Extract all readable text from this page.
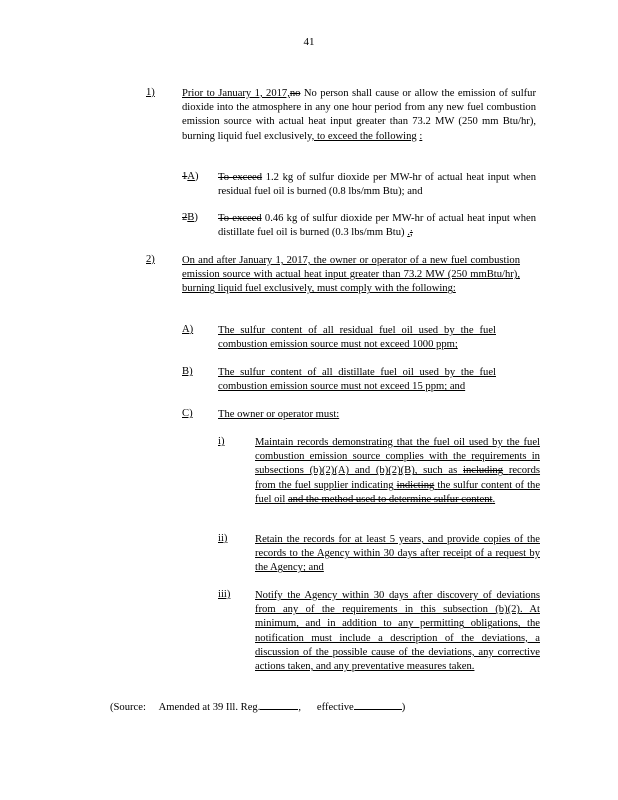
41
1)	Prior to January 1, 2017,no No person shall cause or allow the emission of sulfur dioxide into the atmosphere in any one hour period from any new fuel combustion emission source with actual heat input greater than 73.2 MW (250 mm Btu/hr), burning liquid fuel exclusively, to exceed the following :
1A) To exceed 1.2 kg of sulfur dioxide per MW-hr of actual heat input when residual fuel oil is burned (0.8 lbs/mm Btu); and
2B) To exceed 0.46 kg of sulfur dioxide per MW-hr of actual heat input when distillate fuel oil is burned (0.3 lbs/mm Btu) .;
2)	On and after January 1, 2017, the owner or operator of a new fuel combustion emission source with actual heat input greater than 73.2 MW (250 mmBtu/hr), burning liquid fuel exclusively, must comply with the following:
A) The sulfur content of all residual fuel oil used by the fuel combustion emission source must not exceed 1000 ppm;
B) The sulfur content of all distillate fuel oil used by the fuel combustion emission source must not exceed 15 ppm; and
C) The owner or operator must:
i)	Maintain records demonstrating that the fuel oil used by the fuel combustion emission source complies with the requirements in subsections (b)(2)(A) and (b)(2)(B), such as including records from the fuel supplier indicating indicting the sulfur content of the fuel oil and the method used to determine sulfur content.
ii)	Retain the records for at least 5 years, and provide copies of the records to the Agency within 30 days after receipt of a request by the Agency; and
iii) Notify the Agency within 30 days after discovery of deviations from any of the requirements in this subsection (b)(2). At minimum, and in addition to any permitting obligations, the notification must include a description of the deviations, a discussion of the possible cause of the deviations, any corrective actions taken, and any preventative measures taken.
(Source: Amended at 39 Ill. Reg.	, effective	)
